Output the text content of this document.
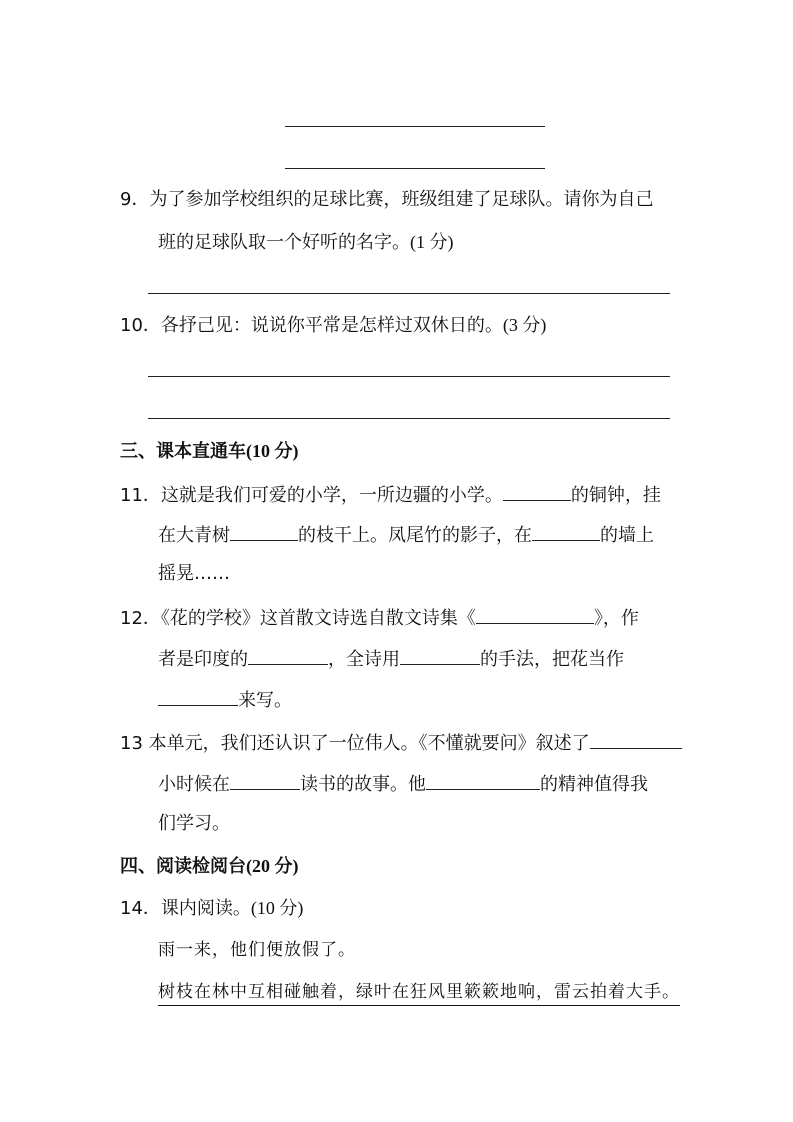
9．为了参加学校组织的足球比赛，班级组建了足球队。请你为自己
班的足球队取一个好听的名字。(1 分)
10．各抒己见：说说你平常是怎样过双休日的。(3 分)
三、课本直通车(10 分)
11．这就是我们可爱的小学，一所边疆的小学。	的铜钟，挂
在大青树	的枝干上。凤尾竹的影子，在	的墙上
摇晃……
12．《花的学校》这首散文诗选自散文诗集《	》，作
者是印度的	，全诗用	的手法，把花当作
来写。
13 本单元，我们还认识了一位伟人。《不懂就要问》叙述了
小时候在	读书的故事。他	的精神值得我
们学习。
四、阅读检阅台(20 分)
14．课内阅读。(10 分)
雨一来，他们便放假了。
树枝在林中互相碰触着，绿叶在狂风里簌簌地响，雷云拍着大手。
